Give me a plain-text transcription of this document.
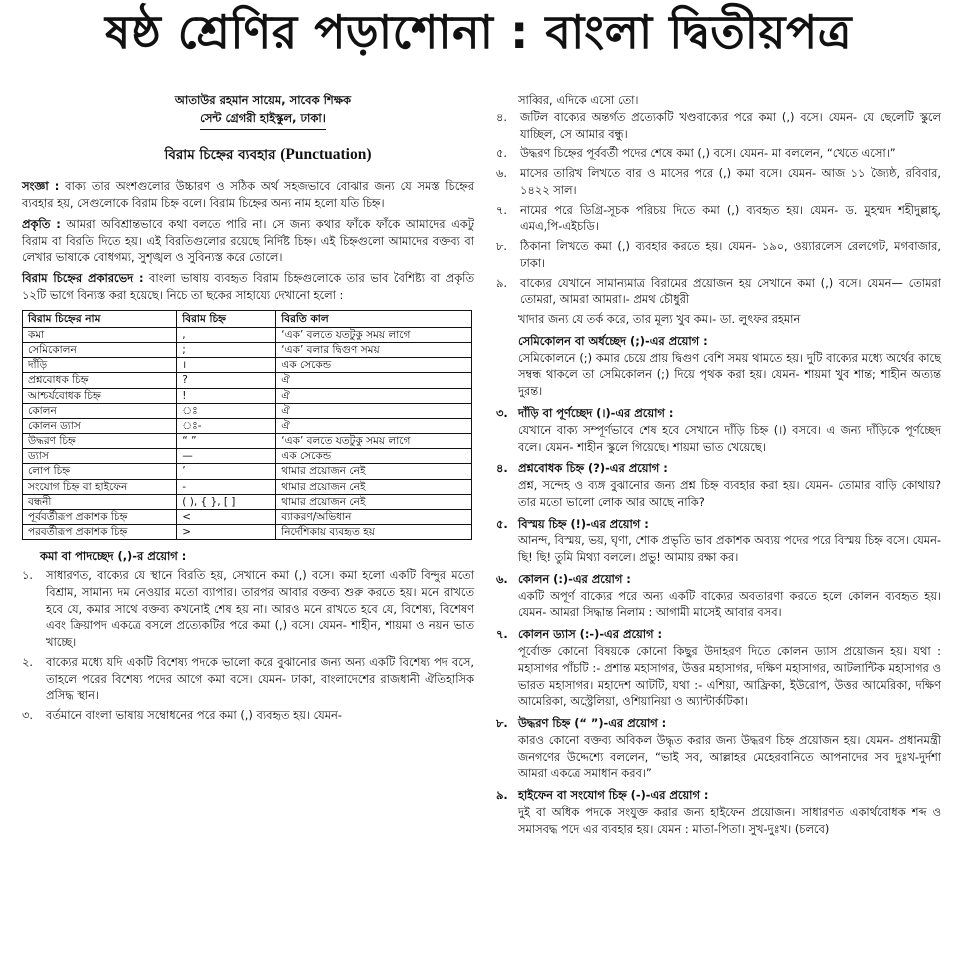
ষষ্ঠ শ্রেণির পড়াশোনা : বাংলা দ্বিতীয়পত্র
আতাউর রহমান সায়েম, সাবেক শিক্ষক
সেন্ট গ্রেগরী হাইস্কুল, ঢাকা।
বিরাম চিহ্নের ব্যবহার (Punctuation)

সংজ্ঞা : বাক্য তার অংশগুলোর উচ্চারণ ও সঠিক অর্থ সহজভাবে বোঝার জন্য যে সমস্ত চিহ্নের ব্যবহার হয়, সেগুলোকে বিরাম চিহ্ন বলে। বিরাম চিহ্নের অন্য নাম হলো যতি চিহ্ন।

প্রকৃতি : আমরা অবিশ্রান্তভাবে কথা বলতে পারি না। সে জন্য কথার ফাঁকে ফাঁকে আমাদের একটু বিরাম বা বিরতি দিতে হয়। এই বিরতিগুলোর রয়েছে নির্দিষ্ট চিহ্ন। এই চিহ্নগুলো আমাদের বক্তব্য বা লেখার ভাষাকে বোধগম্য, সুশৃঙ্খল ও সুবিন্যস্ত করে তোলে।

বিরাম চিহ্নের প্রকারভেদ : বাংলা ভাষায় ব্যবহৃত বিরাম চিহ্নগুলোকে তার ভাব বৈশিষ্ট্য বা প্রকৃতি ১২টি ভাগে বিন্যস্ত করা হয়েছে। নিচে তা ছকের সাহায্যে দেখানো হলো :

বিরাম চিহ্নের নাম	বিরাম চিহ্ন	বিরতি কাল
কমা	,	‘এক’ বলতে যতটুকু সময় লাগে
সেমিকোলন	;	‘এক’ বলার দ্বিগুণ সময়
দাঁড়ি	।	এক সেকেন্ড
প্রশ্নবোধক চিহ্ন	?	ঐ
আশ্চর্যবোধক চিহ্ন	!	ঐ
কোলন	ঃ	ঐ
কোলন ড্যাস	ঃ-	ঐ
উদ্ধরণ চিহ্ন	“ ”	‘এক’ বলতে যতটুকু সময় লাগে
ড্যাস	—	এক সেকেন্ড
লোপ চিহ্ন	’	থামার প্রয়োজন নেই
সংযোগ চিহ্ন বা হাইফেন	-	থামার প্রয়োজন নেই
বন্ধনী	( ), { }, [ ]	থামার প্রয়োজন নেই
পূর্ববর্তীরূপ প্রকাশক চিহ্ন	<	ব্যাকরণ/অভিধান
পরবর্তীরূপ প্রকাশক চিহ্ন	>	নির্দেশিকায় ব্যবহৃত হয়
কমা বা পাদচ্ছেদ (,)-র প্রয়োগ :
১.	সাধারণত, বাক্যের যে স্থানে বিরতি হয়, সেখানে কমা (,) বসে। কমা হলো একটি বিন্দুর মতো বিশ্রাম, সামান্য দম নেওয়ার মতো ব্যাপার। তারপর আবার বক্তব্য শুরু করতে হয়। মনে রাখতে হবে যে, কমার সাথে বক্তব্য কখনোই শেষ হয় না। আরও মনে রাখতে হবে যে, বিশেষ্য, বিশেষণ এবং ক্রিয়াপদ একত্রে বসলে প্রত্যেকটির পরে কমা (,) বসে। যেমন- শাহীন, শায়মা ও নয়ন ভাত খাচ্ছে।
২.	বাক্যের মধ্যে যদি একটি বিশেষ্য পদকে ভালো করে বুঝানোর জন্য অন্য একটি বিশেষ্য পদ বসে, তাহলে পরের বিশেষ্য পদের আগে কমা বসে। যেমন- ঢাকা, বাংলাদেশের রাজধানী ঐতিহাসিক প্রসিদ্ধ স্থান।
৩.	বর্তমানে বাংলা ভাষায় সম্বোধনের পরে কমা (,) ব্যবহৃত হয়। যেমন-
সাব্বির, এদিকে এসো তো।
৪.	জটিল বাক্যের অন্তর্গত প্রত্যেকটি খণ্ডবাক্যের পরে কমা (,) বসে। যেমন- যে ছেলেটি স্কুলে যাচ্ছিল, সে আমার বন্ধু।
৫.	উদ্ধরণ চিহ্নের পূর্ববর্তী পদের শেষে কমা (,) বসে। যেমন- মা বললেন, “খেতে এসো।”
৬.	মাসের তারিখ লিখতে বার ও মাসের পরে (,) কমা বসে। যেমন- আজ ১১ জ্যৈষ্ঠ, রবিবার, ১৪২২ সাল।
৭.	নামের পরে ডিগ্রি-সূচক পরিচয় দিতে কমা (,) ব্যবহৃত হয়। যেমন- ড. মুহম্মদ শহীদুল্লাহ্, এমএ,পি-এইচডি।
৮.	ঠিকানা লিখতে কমা (,) ব্যবহার করতে হয়। যেমন- ১৯০, ওয়্যারলেস রেলগেট, মগবাজার, ঢাকা।
৯.	বাক্যের যেখানে সামান্যমাত্র বিরামের প্রয়োজন হয় সেখানে কমা (,) বসে। যেমন— তোমরা তোমরা, আমরা আমরা।- প্রমথ চৌধুরী
খাদার জন্য যে তর্ক করে, তার মূল্য খুব কম।- ডা. লুৎফর রহমান
সেমিকোলন বা অর্ধচ্ছেদ (;)-এর প্রয়োগ :
সেমিকোলনে (;) কমার চেয়ে প্রায় দ্বিগুণ বেশি সময় থামতে হয়। দুটি বাক্যের মধ্যে অর্থের কাছে সম্বন্ধ থাকলে তা সেমিকোলন (;) দিয়ে পৃথক করা হয়। যেমন- শায়মা খুব শান্ত; শাহীন অত্যন্ত দুরন্ত।
৩. দাঁড়ি বা পূর্ণচ্ছেদ (।)-এর প্রয়োগ :
যেখানে বাক্য সম্পূর্ণভাবে শেষ হবে সেখানে দাঁড়ি চিহ্ন (।) বসবে। এ জন্য দাঁড়িকে পূর্ণচ্ছেদ বলে। যেমন- শাহীন স্কুলে গিয়েছে। শায়মা ভাত খেয়েছে।
৪. প্রশ্নবোধক চিহ্ন (?)-এর প্রয়োগ :
প্রশ্ন, সন্দেহ ও ব্যঙ্গ বুঝানোর জন্য প্রশ্ন চিহ্ন ব্যবহার করা হয়। যেমন- তোমার বাড়ি কোথায়? তার মতো ভালো লোক আর আছে নাকি?
৫. বিস্ময় চিহ্ন (!)-এর প্রয়োগ :
আনন্দ, বিস্ময়, ভয়, ঘৃণা, শোক প্রভৃতি ভাব প্রকাশক অব্যয় পদের পরে বিস্ময় চিহ্ন বসে। যেমন- ছি! ছি! তুমি মিথ্যা বললে। প্রভু! আমায় রক্ষা কর।
৬. কোলন (:)-এর প্রয়োগ :
একটি অপূর্ণ বাক্যের পরে অন্য একটি বাক্যের অবতারণা করতে হলে কোলন ব্যবহৃত হয়। যেমন- আমরা সিদ্ধান্ত নিলাম : আগামী মাসেই আবার বসব।
৭. কোলন ড্যাস (:-)-এর প্রয়োগ :
পূর্বোক্ত কোনো বিষয়কে কোনো কিছুর উদাহরণ দিতে কোলন ড্যাস প্রয়োজন হয়। যথা : মহাসাগর পাঁচটি :- প্রশান্ত মহাসাগর, উত্তর মহাসাগর, দক্ষিণ মহাসাগর, আটলান্টিক মহাসাগর ও ভারত মহাসাগর। মহাদেশ আটটি, যথা :- এশিয়া, আফ্রিকা, ইউরোপ, উত্তর আমেরিকা, দক্ষিণ আমেরিকা, অস্ট্রেলিয়া, ওশিয়ানিয়া ও অ্যান্টার্কটিকা।
৮. উদ্ধরণ চিহ্ন (“ ”)-এর প্রয়োগ :
কারও কোনো বক্তব্য অবিকল উদ্ধৃত করার জন্য উদ্ধরণ চিহ্ন প্রয়োজন হয়। যেমন- প্রধানমন্ত্রী জনগণের উদ্দেশ্যে বললেন, “ভাই সব, আল্লাহর মেহেরবানিতে আপনাদের সব দুঃখ-দুর্দশা আমরা একত্রে সমাধান করব।”
৯. হাইফেন বা সংযোগ চিহ্ন (-)-এর প্রয়োগ :
দুই বা অধিক পদকে সংযুক্ত করার জন্য হাইফেন প্রয়োজন। সাধারণত একার্থবোধক শব্দ ও সমাসবদ্ধ পদে এর ব্যবহার হয়। যেমন : মাতা-পিতা। সুখ-দুঃখ। (চলবে)
